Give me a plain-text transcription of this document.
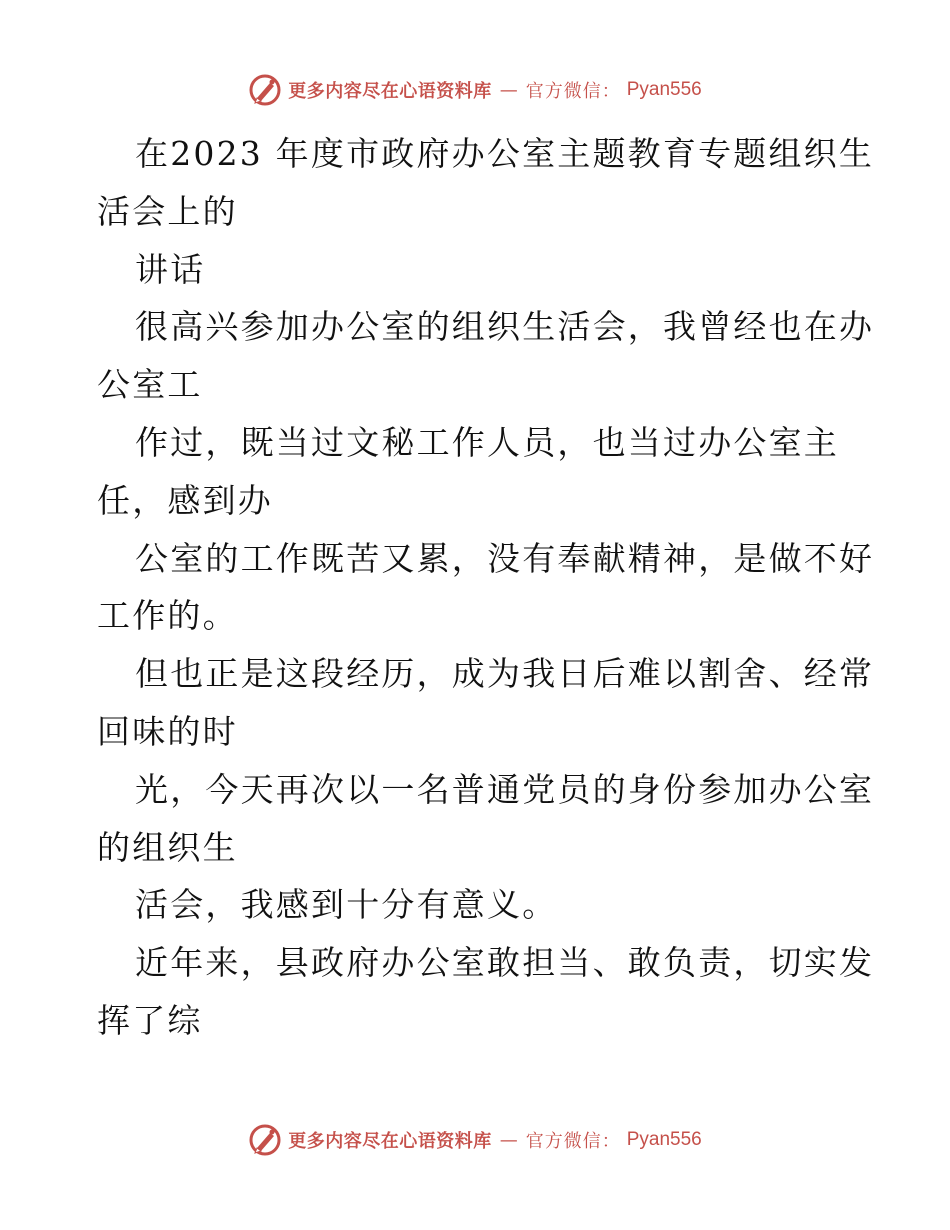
更多内容尽在心语资料库 — 官方微信： Pyan556
在2023 年度市政府办公室主题教育专题组织生
活会上的
讲话
很高兴参加办公室的组织生活会，我曾经也在办
公室工
作过，既当过文秘工作人员，也当过办公室主
任，感到办
公室的工作既苦又累，没有奉献精神，是做不好
工作的。
但也正是这段经历，成为我日后难以割舍、经常
回味的时
光，今天再次以一名普通党员的身份参加办公室
的组织生
活会，我感到十分有意义。
近年来，县政府办公室敢担当、敢负责，切实发
挥了综
更多内容尽在心语资料库 — 官方微信： Pyan556
